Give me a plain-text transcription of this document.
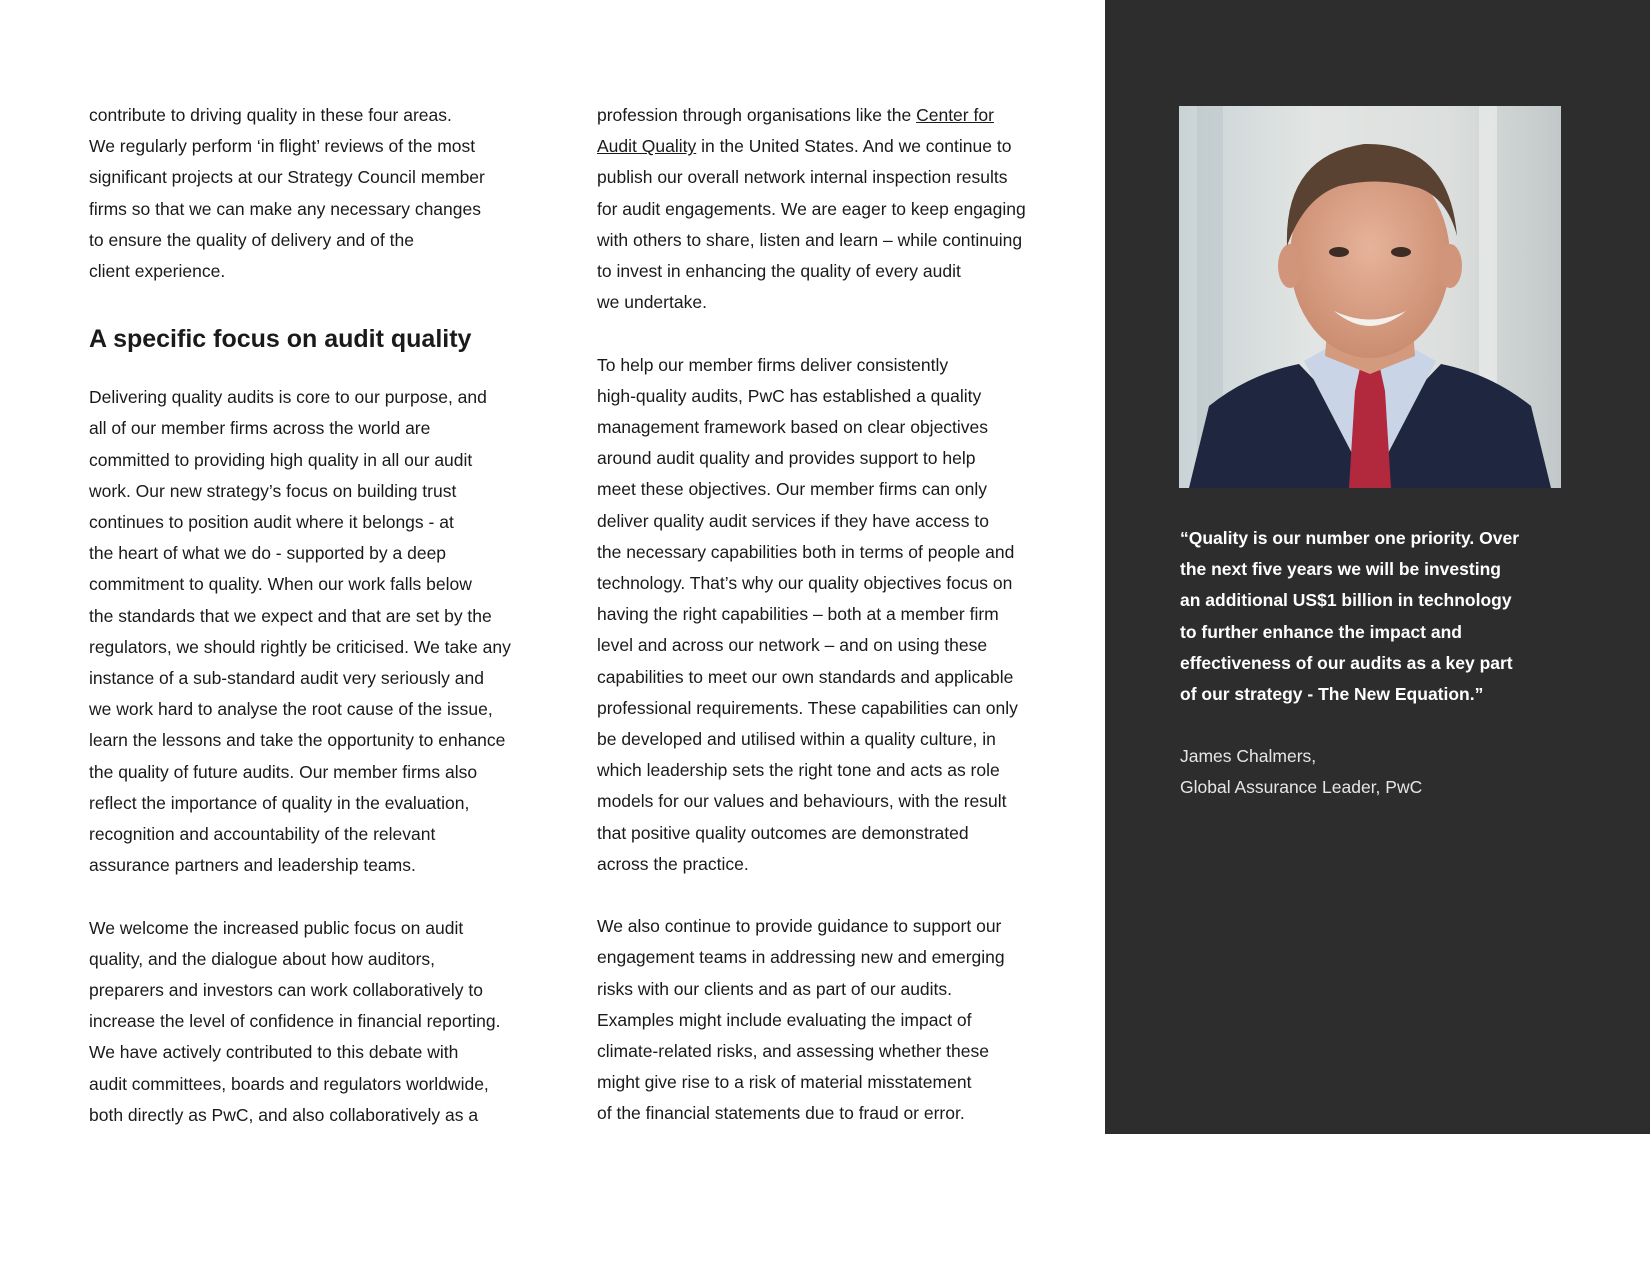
contribute to driving quality in these four areas.
We regularly perform ‘in flight’ reviews of the most
significant projects at our Strategy Council member
firms so that we can make any necessary changes
to ensure the quality of delivery and of the
client experience.
A specific focus on audit quality
Delivering quality audits is core to our purpose, and
all of our member firms across the world are
committed to providing high quality in all our audit
work. Our new strategy’s focus on building trust
continues to position audit where it belongs - at
the heart of what we do - supported by a deep
commitment to quality. When our work falls below
the standards that we expect and that are set by the
regulators, we should rightly be criticised. We take any
instance of a sub-standard audit very seriously and
we work hard to analyse the root cause of the issue,
learn the lessons and take the opportunity to enhance
the quality of future audits. Our member firms also
reflect the importance of quality in the evaluation,
recognition and accountability of the relevant
assurance partners and leadership teams.
We welcome the increased public focus on audit
quality, and the dialogue about how auditors,
preparers and investors can work collaboratively to
increase the level of confidence in financial reporting.
We have actively contributed to this debate with
audit committees, boards and regulators worldwide,
both directly as PwC, and also collaboratively as a
profession through organisations like the Center for
Audit Quality in the United States. And we continue to
publish our overall network internal inspection results
for audit engagements. We are eager to keep engaging
with others to share, listen and learn – while continuing
to invest in enhancing the quality of every audit
we undertake.
To help our member firms deliver consistently
high-quality audits, PwC has established a quality
management framework based on clear objectives
around audit quality and provides support to help
meet these objectives. Our member firms can only
deliver quality audit services if they have access to
the necessary capabilities both in terms of people and
technology. That’s why our quality objectives focus on
having the right capabilities – both at a member firm
level and across our network – and on using these
capabilities to meet our own standards and applicable
professional requirements. These capabilities can only
be developed and utilised within a quality culture, in
which leadership sets the right tone and acts as role
models for our values and behaviours, with the result
that positive quality outcomes are demonstrated
across the practice.
We also continue to provide guidance to support our
engagement teams in addressing new and emerging
risks with our clients and as part of our audits.
Examples might include evaluating the impact of
climate-related risks, and assessing whether these
might give rise to a risk of material misstatement
of the financial statements due to fraud or error.
“Quality is our number one priority. Over
the next five years we will be investing
an additional US$1 billion in technology
to further enhance the impact and
effectiveness of our audits as a key part
of our strategy - The New Equation.”
James Chalmers,
Global Assurance Leader, PwC
